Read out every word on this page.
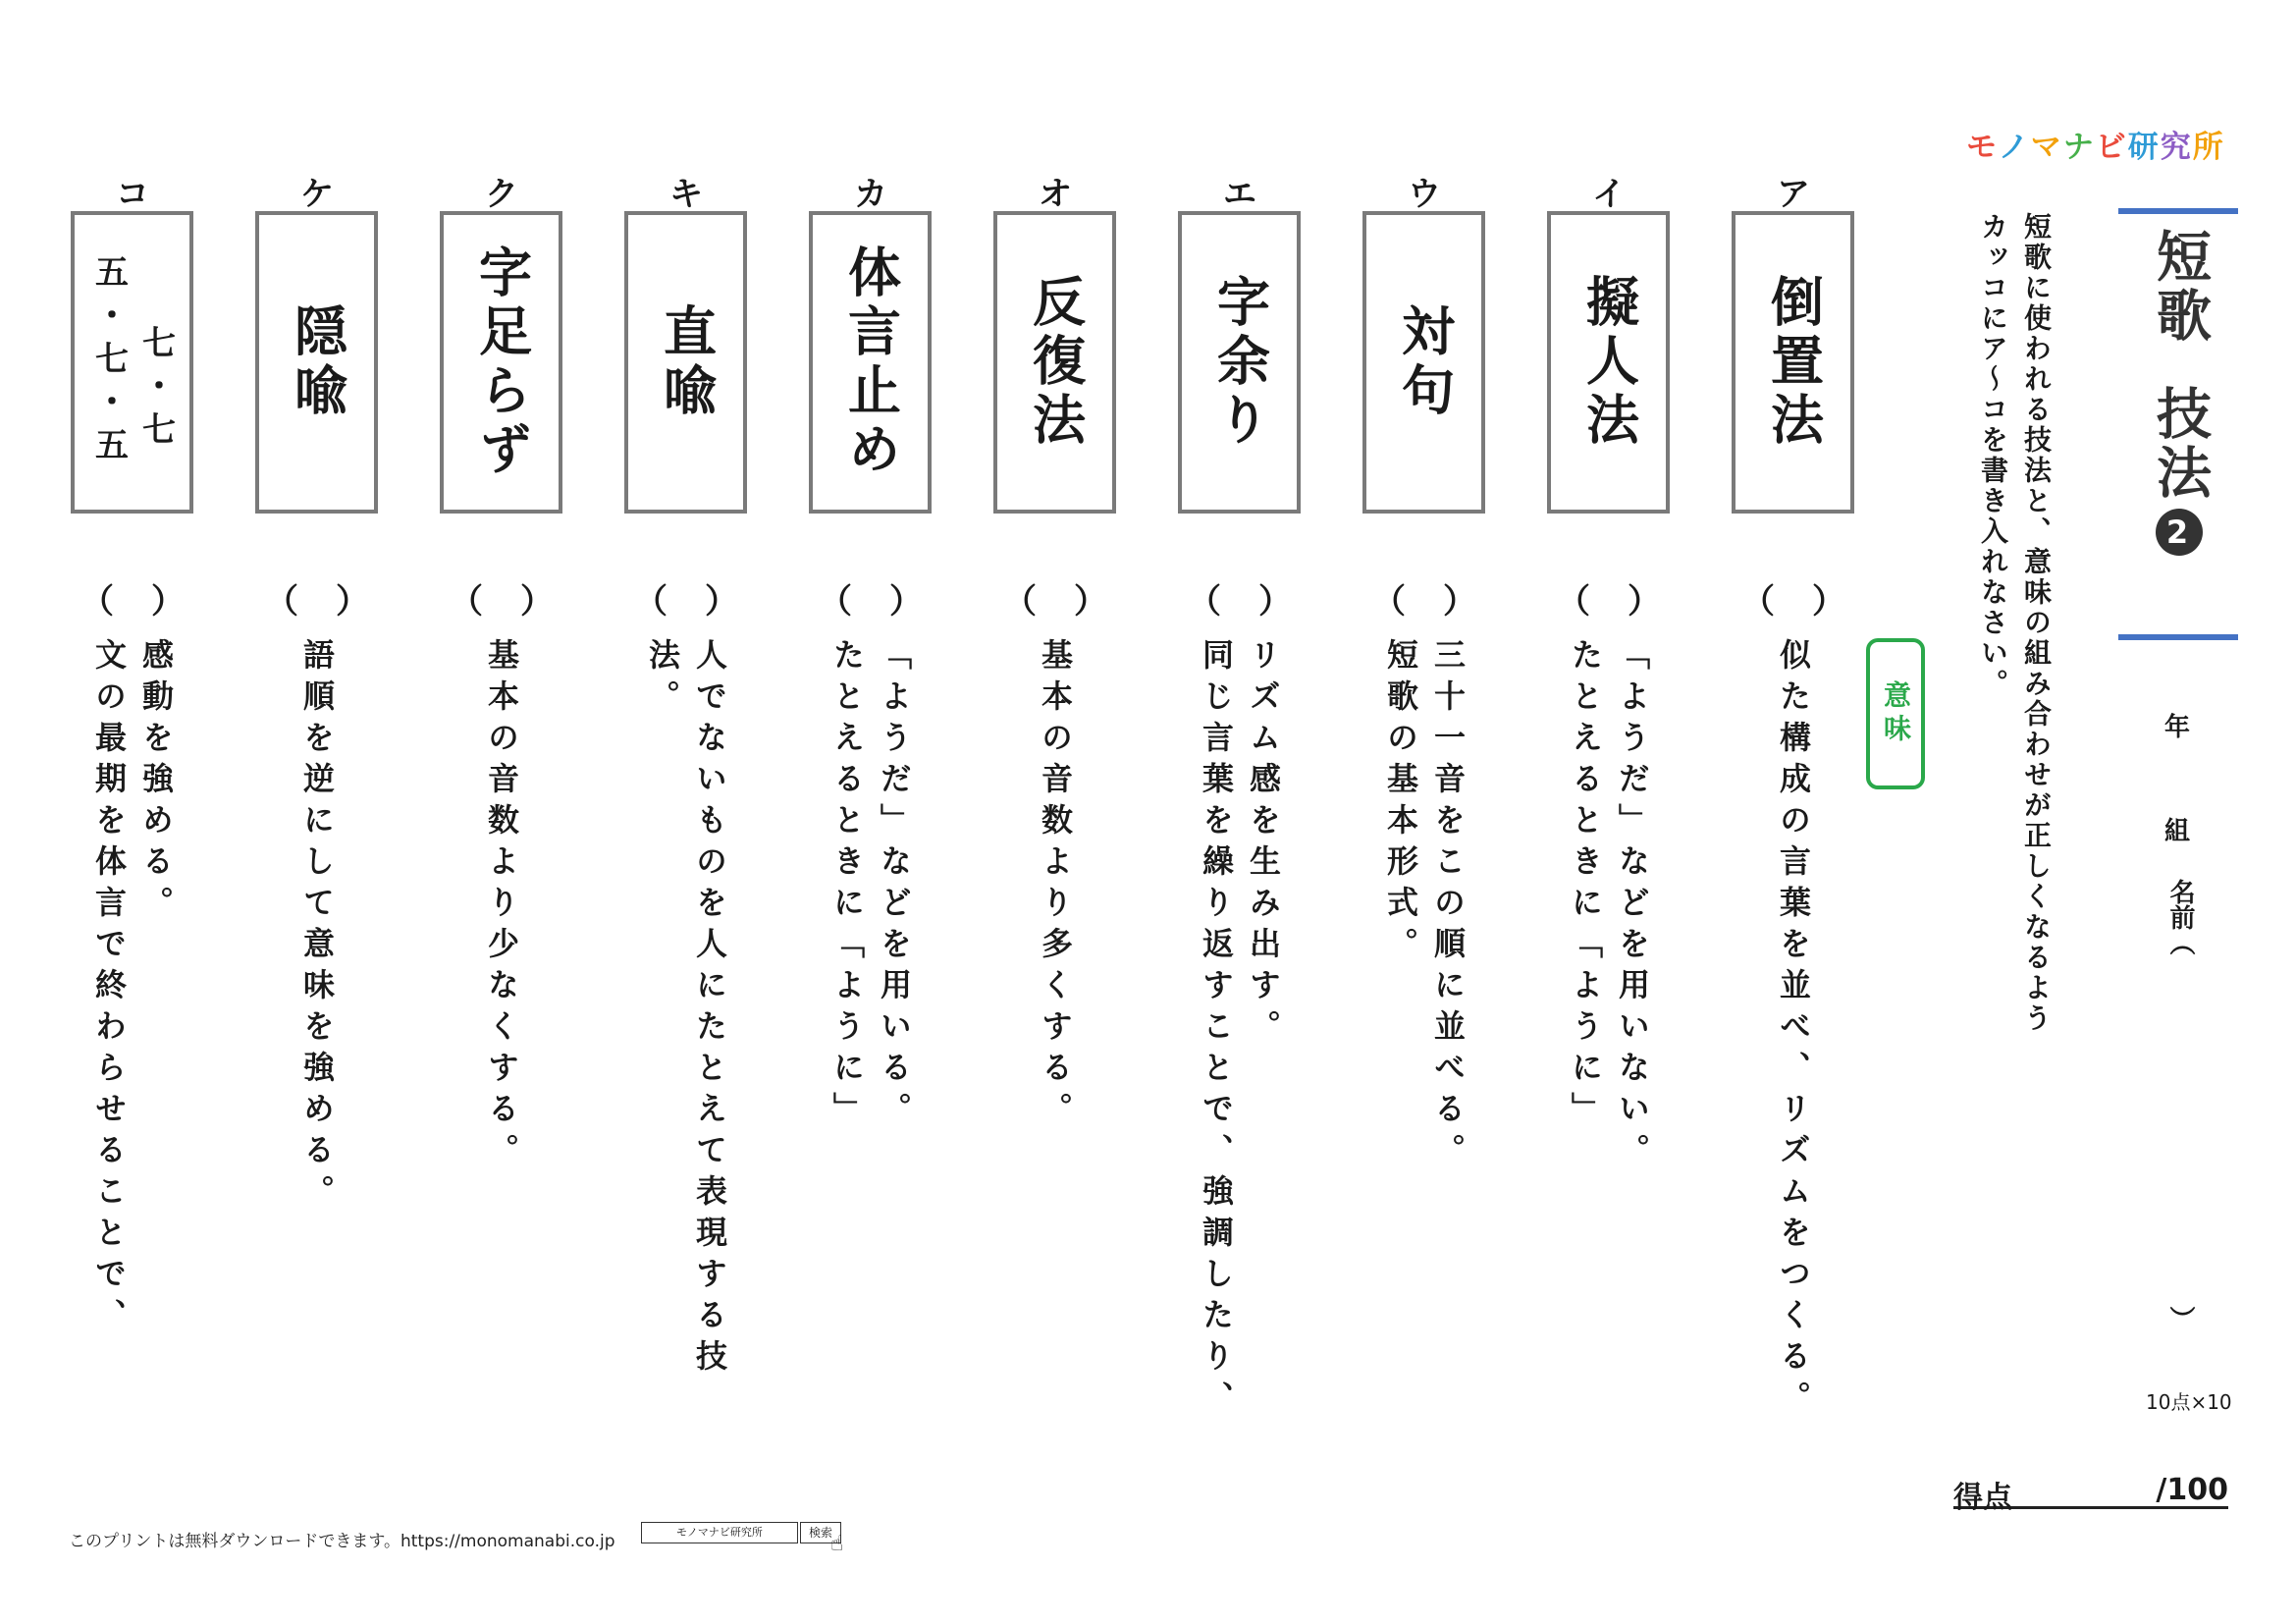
モノマナビ研究所
短歌技法2
短歌に使われる技法と、意味の組み合わせが正しくなるよう
カッコにア～コを書き入れなさい。
年
組
名前（
）
10点×10
意味
ア
倒置法
（ ）
似た構成の言葉を並べ、リズムをつくる。
イ
擬人法
（ ）
たとえるときに「ように」 「ようだ」などを用いない。
ウ
対句
（ ）
短歌の基本形式。 三十一音をこの順に並べる。
エ
字余り
（ ）
同じ言葉を繰り返すことで、強調したり、 リズム感を生み出す。
オ
反復法
（ ）
基本の音数より多くする。
カ
体言止め
（ ）
たとえるときに「ように」 「ようだ」などを用いる。
キ
直喩
（ ）
人でないものを人にたとえて表現する技法。
ク
字足らず
（ ）
基本の音数より少なくする。
ケ
隠喩
（ ）
語順を逆にして意味を強める。
コ
五・七・五 七・七
（ ）
文の最期を体言で終わらせることで、 感動を強める。
得点	/100
このプリントは無料ダウンロードできます。https://monomanabi.co.jp	モノマナビ研究所	検索
☝
